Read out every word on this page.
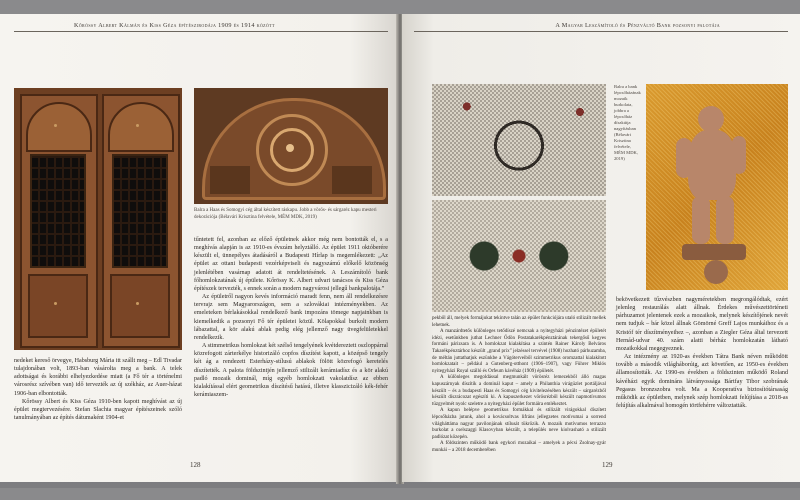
Kőrössy Albert Kálmán és Kiss Géza építészirodája 1909 és 1914 között
Balra a Haas és Somogyi cég által készített ráskapu. Jobb a vörös- és sárgaréz kapu mesteri dekorációja (Bélavári Krisztina felvétele, MÉM MDK, 2019)

tűntetett fel, azonban az előző épületnek akkor még nem bontották el, s a meghívás alapján is az 1910-es évszám helyztálló. Az épület 1911 októberére készült el, ünnepélyes átadásáról a Budapesti Hírlap is megemlékezett: „Az épület az ottani budapesti vezérképviseli és nagyszámú előkelő közönség jelenlétében vasárnap adatott át rendeltetésének. A Leszámítoló bank főhomlokzatának új épülete. Kőrössy K. Albert udvari tanácsos és Kiss Géza építészek tervezték, s ennek során a modern nagyvárosi jellegű bankpalotája.”

Az épületről nagyon kevés információ maradt fenn, nem áll rendelkezésre tervrajz sem Magyarországon, sem a szlovákiai intézményekben. Az emeleteken bérlakásokkal rendelkező bank impozáns tömege napjainkban is kiemelkedik a pozsonyi Fő tér épületei közül. Kölapokkal burkolt modern lábazattal, a kör alakú ablak pedig elég jellemző nagy üvegfelületekkel rendelkezik.

A stimmetrikus homlokzat két szélső tengelyének kvétdereztett oszloppárral közrefogott zárterkélye historizáló copfos díszítést kapott, a középső tengely két ág a rendezett Esterházy-stílusú ablakok fölött közrefogó keretelés díszítették. A palota földszintjén jellemző stilizált kerámiadísz és a kör alakú padló mozaik dominál, míg egyéb homlokzati vakolatdísz az ebben kialakítással elért geometrikus díszítésű hatású, illetve klasszicizáló kék-fehér kerámiaszem-

nedeket kereső örvegye, Habsburg Mária itt szállt meg – Edl Tivadar tulajdonában volt, 1893-ban vásárolta meg a bank. A telek adottságai és korábbi elhelyezkedése miatt (a Fő tér a történelmi városrész szívében van) idő tervezték az új székház, az Auer-házat 1906-ban elbontották.

Kőrössy Albert és Kiss Géza 1910-ben kapott meghívást az új épület megtervezésére. Stefan Slachta magyar építészeinek szóló tanulmányában az építés dátumaként 1904-et

128
A Magyar Leszámítoló és Pénzváltó Bank pozsonyi palotája
Balra a bank lépcsőházának mozaik burkolata, jobbra a lépcsőház díszkútja nagyításban (Bélavári Krisztina felvétele, MÉM MDK, 2019)

pekből áll, melyek formájukat tekintve talán az épület funkciójára utaló stilizált mellek lehetnek.

A manzárdtetős különleges tetődíszé nemcsak a nyitegyházi pénzintézet épületét idézi, esetünkben juthat Lechner Ödön Postatakarékpénztárának tekergősű kegyes formáni párizsara is. A homlokzat kialakítása a szintén Rainer Károly Belváros Takarékpénztárhoz készült „grand prix” jelzéssel tervével (1908) hozható párhuzamba, de méltán juttathatjuk eszünkbe a Vágóterveiből szimmetrikus oromzattal kialakított homlokzatait – például a Gutenberg-otthont (1906–1907), vagy Führer Miklós nyitegyházi Royal szálló és Orfeum kávéház (1909) épületét.

A különleges megoldással megmunkált vörösréz lemezekből álló magas kapuszárnyak díszítik a dominál kaput – amely a Philanthia virágüzlet portáljával készült – és a budapesti Haas és Somogyi cég kivitelezésében készült – sárgarézből készült díszrácozat egészíti ki. A kapuszerkezet vörösrézből készült napmotívumos tüzgyelmét nyolc szeletre a nyitegyházi épület formáira emlékeztet.

A kapun belépve geometrikus formákkal és stilizált virágokkal díszített lépcsőházba jutunk, ahol a kovácsoltvas lifráns jellegzetes motívumai a sorrend világháttáma nagyar pavilonjának stílusát tükrözik. A mozaik motívumos terrazzo burkolat a cselszaggi Klasovyban készült, a település neve kiolvasható a stilizált padlózat közepén.

A földszinten működő bank egykori mozaikai – amelyek a pécsi Zsolnay-gyár munkái – a 2018 decemberében

bekövetkezett tűzvészben nagyméretekben megrongálódtak, ezért jelenleg restaurálás alatt állnak. Érdekes művészettörténeti párhuzamot jelentenek ezek a mozaikok, melynek készítőjének nevét nem tudjuk – bár közel állnak Gömörné Greff Lajos munkáihoz és a Kristóf tér díszítményeihez –, azonban a Ziegler Géza által tervezett Hernád-udvar 40. szám alatti bérház homlokzatán látható mozaikokkal megegyeznek.

Az intézmény az 1920-as években Tátra Bank néven működött tovább a második világháborúig, azt követően, az 1950-es években államosították. Az 1990-es években a földszinten működő Roland kávéházi egyik domináns látványossága Bártfay Tibor szobrának Pegasus bronzszobra volt. Ma a Kooperatíva biztosítótársaság működik az épületben, melynek szép homlokzati felújítása a 2018-as felújítás alkalmával homogén törtfehérre változtatták.

129
